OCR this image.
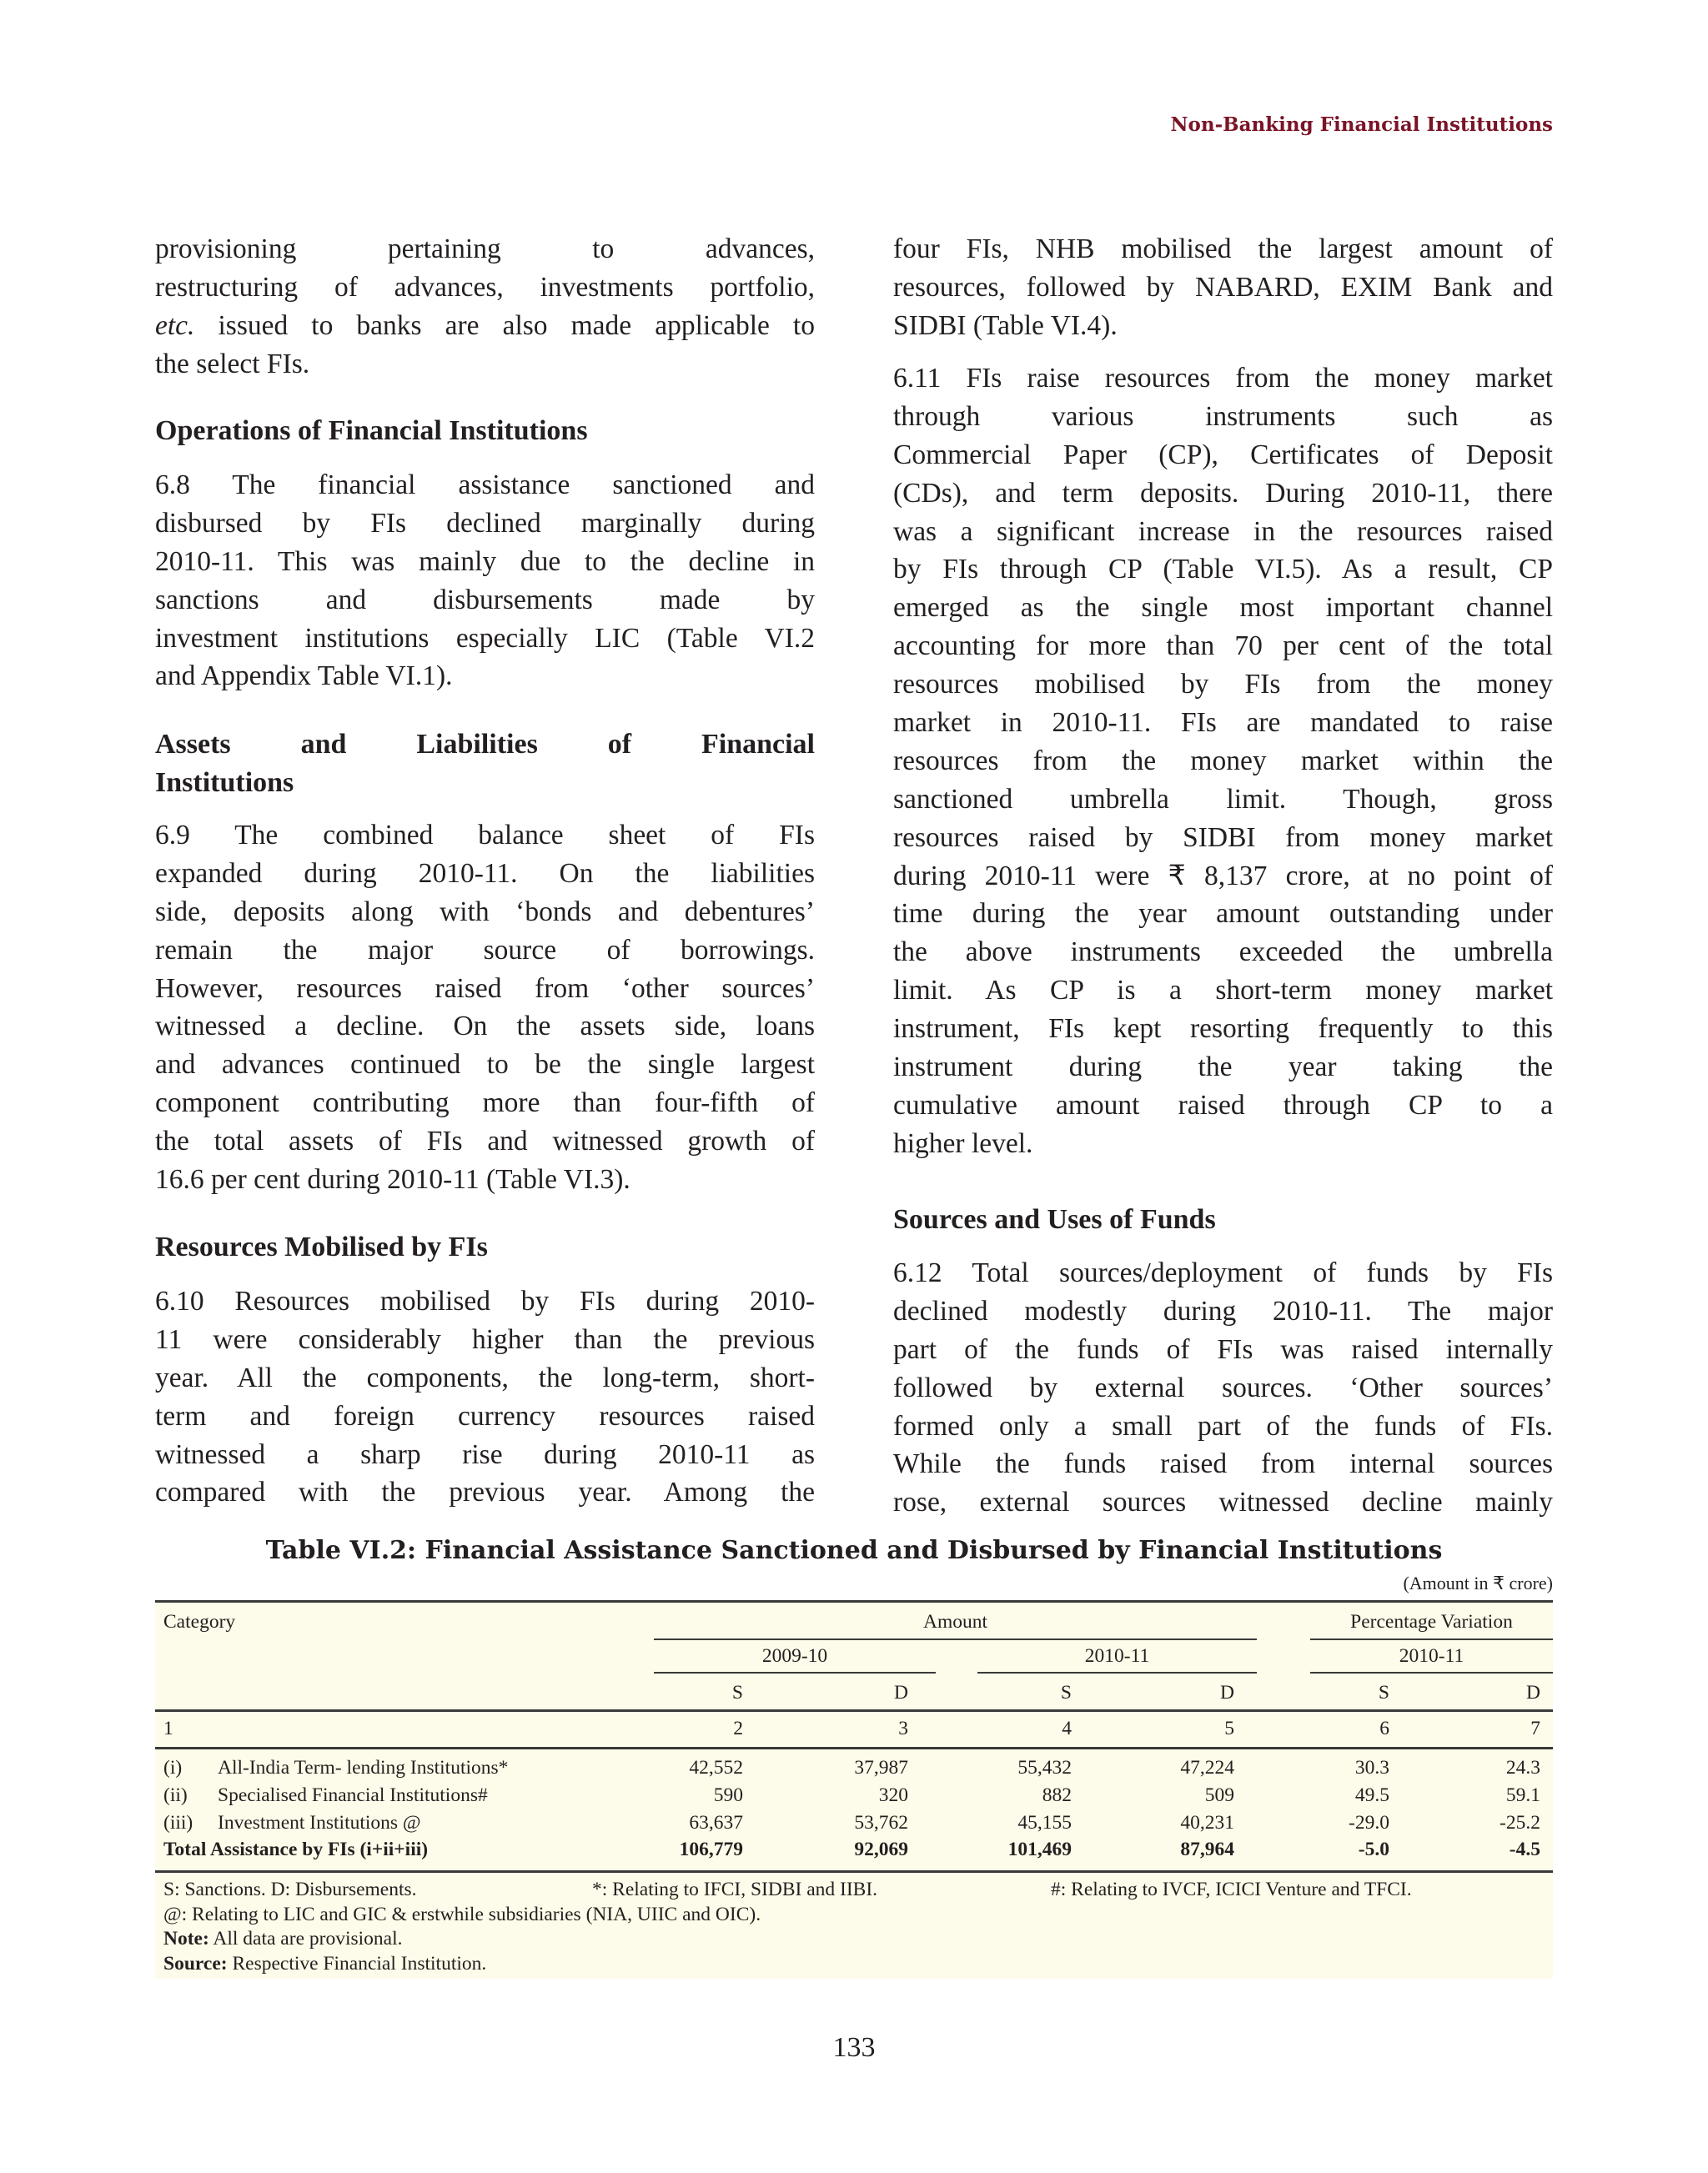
Non-Banking Financial Institutions
provisioning pertaining to advances,
restructuring of advances, investments portfolio,
etc. issued to banks are also made applicable to
the select FIs.
Operations of Financial Institutions
6.8 The financial assistance sanctioned and
disbursed by FIs declined marginally during
2010-11. This was mainly due to the decline in
sanctions and disbursements made by
investment institutions especially LIC (Table VI.2
and Appendix Table VI.1).
Assets and Liabilities of Financial
Institutions
6.9 The combined balance sheet of FIs
expanded during 2010-11. On the liabilities
side, deposits along with ‘bonds and debentures’
remain the major source of borrowings.
However, resources raised from ‘other sources’
witnessed a decline. On the assets side, loans
and advances continued to be the single largest
component contributing more than four-fifth of
the total assets of FIs and witnessed growth of
16.6 per cent during 2010-11 (Table VI.3).
Resources Mobilised by FIs
6.10 Resources mobilised by FIs during 2010-
11 were considerably higher than the previous
year. All the components, the long-term, short-
term and foreign currency resources raised
witnessed a sharp rise during 2010-11 as
compared with the previous year. Among the
four FIs, NHB mobilised the largest amount of
resources, followed by NABARD, EXIM Bank and
SIDBI (Table VI.4).
6.11 FIs raise resources from the money market
through various instruments such as
Commercial Paper (CP), Certificates of Deposit
(CDs), and term deposits. During 2010-11, there
was a significant increase in the resources raised
by FIs through CP (Table VI.5). As a result, CP
emerged as the single most important channel
accounting for more than 70 per cent of the total
resources mobilised by FIs from the money
market in 2010-11. FIs are mandated to raise
resources from the money market within the
sanctioned umbrella limit. Though, gross
resources raised by SIDBI from money market
during 2010-11 were ₹ 8,137 crore, at no point of
time during the year amount outstanding under
the above instruments exceeded the umbrella
limit. As CP is a short-term money market
instrument, FIs kept resorting frequently to this
instrument during the year taking the
cumulative amount raised through CP to a
higher level.
Sources and Uses of Funds
6.12 Total sources/deployment of funds by FIs
declined modestly during 2010-11. The major
part of the funds of FIs was raised internally
followed by external sources. ‘Other sources’
formed only a small part of the funds of FIs.
While the funds raised from internal sources
rose, external sources witnessed decline mainly
Table VI.2: Financial Assistance Sanctioned and Disbursed by Financial Institutions
(Amount in ₹ crore)
Category	Amount	Percentage Variation
2009-10	2010-11	2010-11
S	D	S	D	S	D
1	2	3	4	5	6	7
(i) All-India Term- lending Institutions*	42,552	37,987	55,432	47,224	30.3	24.3
(ii) Specialised Financial Institutions#	590	320	882	509	49.5	59.1
(iii) Investment Institutions @	63,637	53,762	45,155	40,231	-29.0	-25.2
Total Assistance by FIs (i+ii+iii)	106,779	92,069	101,469	87,964	-5.0	-4.5
S: Sanctions. D: Disbursements.	*: Relating to IFCI, SIDBI and IIBI.	#: Relating to IVCF, ICICI Venture and TFCI.
@: Relating to LIC and GIC & erstwhile subsidiaries (NIA, UIIC and OIC).
Note: All data are provisional.
Source: Respective Financial Institution.
133
